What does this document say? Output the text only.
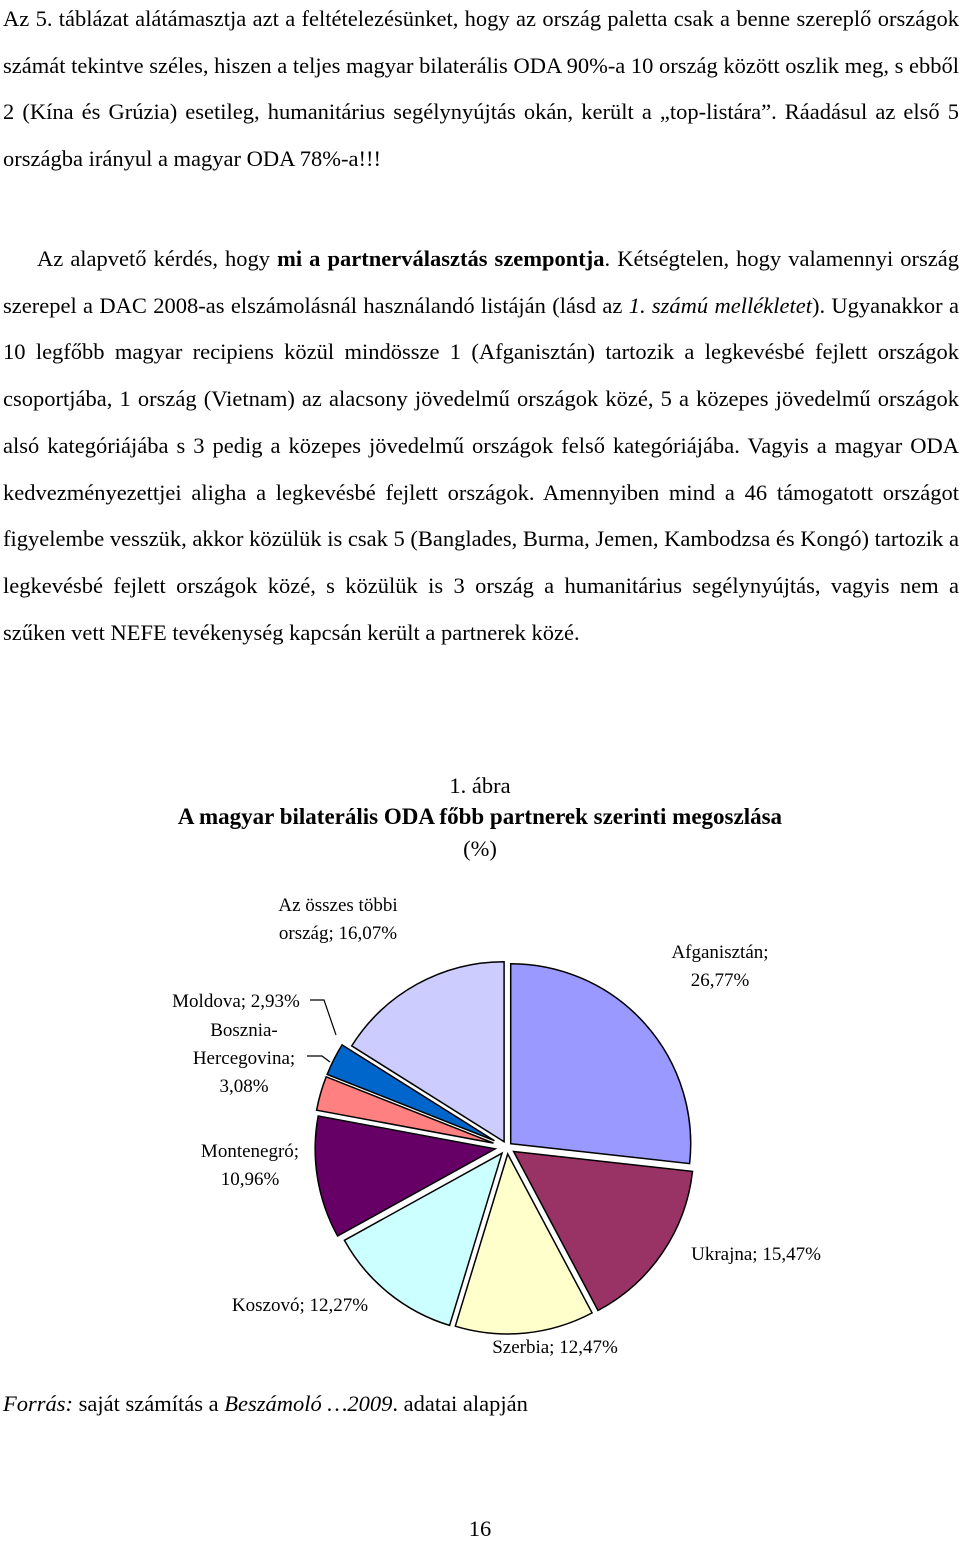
Az 5. táblázat alátámasztja azt a feltételezésünket, hogy az ország paletta csak a benne szereplő országok számát tekintve széles, hiszen a teljes magyar bilaterális ODA 90%-a 10 ország között oszlik meg, s ebből 2 (Kína és Grúzia) esetileg, humanitárius segélynyújtás okán, került a „top-listára”. Ráadásul az első 5 országba irányul a magyar ODA 78%-a!!!

Az alapvető kérdés, hogy mi a partnerválasztás szempontja. Kétségtelen, hogy valamennyi ország szerepel a DAC 2008-as elszámolásnál használandó listáján (lásd az 1. számú mellékletet). Ugyanakkor a 10 legfőbb magyar recipiens közül mindössze 1 (Afganisztán) tartozik a legkevésbé fejlett országok csoportjába, 1 ország (Vietnam) az alacsony jövedelmű országok közé, 5 a közepes jövedelmű országok alsó kategóriájába s 3 pedig a közepes jövedelmű országok felső kategóriájába. Vagyis a magyar ODA kedvezményezettjei aligha a legkevésbé fejlett országok. Amennyiben mind a 46 támogatott országot figyelembe vesszük, akkor közülük is csak 5 (Banglades, Burma, Jemen, Kambodzsa és Kongó) tartozik a legkevésbé fejlett országok közé, s közülük is 3 ország a humanitárius segélynyújtás, vagyis nem a szűken vett NEFE tevékenység kapcsán került a partnerek közé.

1. ábra
A magyar bilaterális ODA főbb partnerek szerinti megoszlása
(%)
Afganisztán; 26,77%
Ukrajna; 15,47%
Szerbia; 12,47%
Koszovó; 12,27%
Montenegró; 10,96%
Bosznia-Hercegovina; 3,08%
Moldova; 2,93%
Az összes többi ország; 16,07%
Forrás: saját számítás a Beszámoló …2009. adatai alapján
16
